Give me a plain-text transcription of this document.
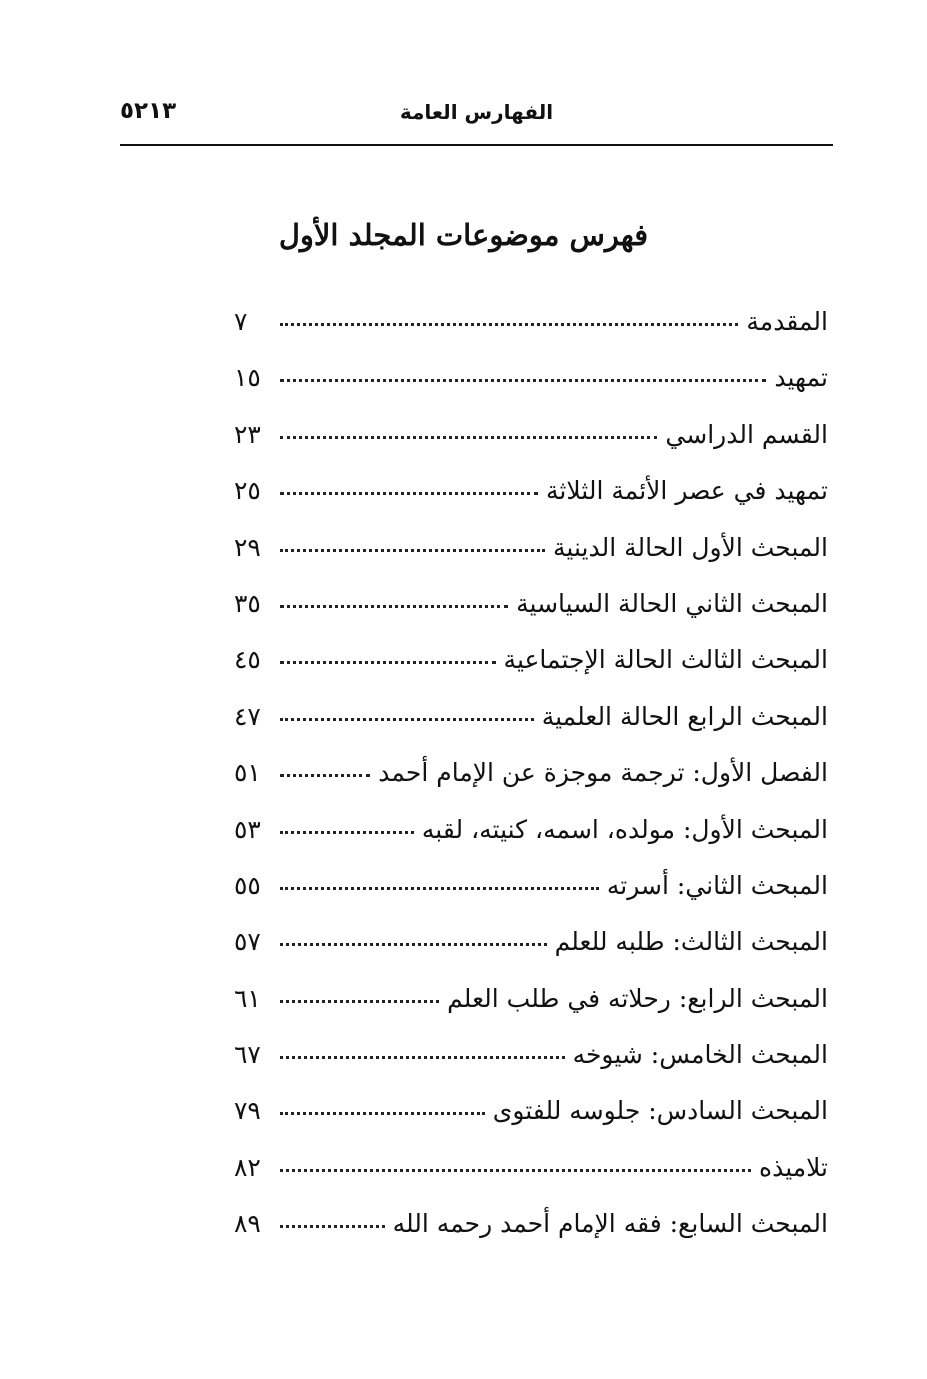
الفهارس العامة
٥٢١٣
فهرس موضوعات المجلد الأول
المقدمة
٧
تمهيد
١٥
القسم الدراسي
٢٣
تمهيد في عصر الأئمة الثلاثة
٢٥
المبحث الأول الحالة الدينية
٢٩
المبحث الثاني الحالة السياسية
٣٥
المبحث الثالث الحالة الإجتماعية
٤٥
المبحث الرابع الحالة العلمية
٤٧
الفصل الأول: ترجمة موجزة عن الإمام أحمد
٥١
المبحث الأول: مولده، اسمه، كنيته، لقبه
٥٣
المبحث الثاني: أسرته
٥٥
المبحث الثالث: طلبه للعلم
٥٧
المبحث الرابع: رحلاته في طلب العلم
٦١
المبحث الخامس: شيوخه
٦٧
المبحث السادس: جلوسه للفتوى
٧٩
تلاميذه
٨٢
المبحث السابع: فقه الإمام أحمد رحمه الله
٨٩
